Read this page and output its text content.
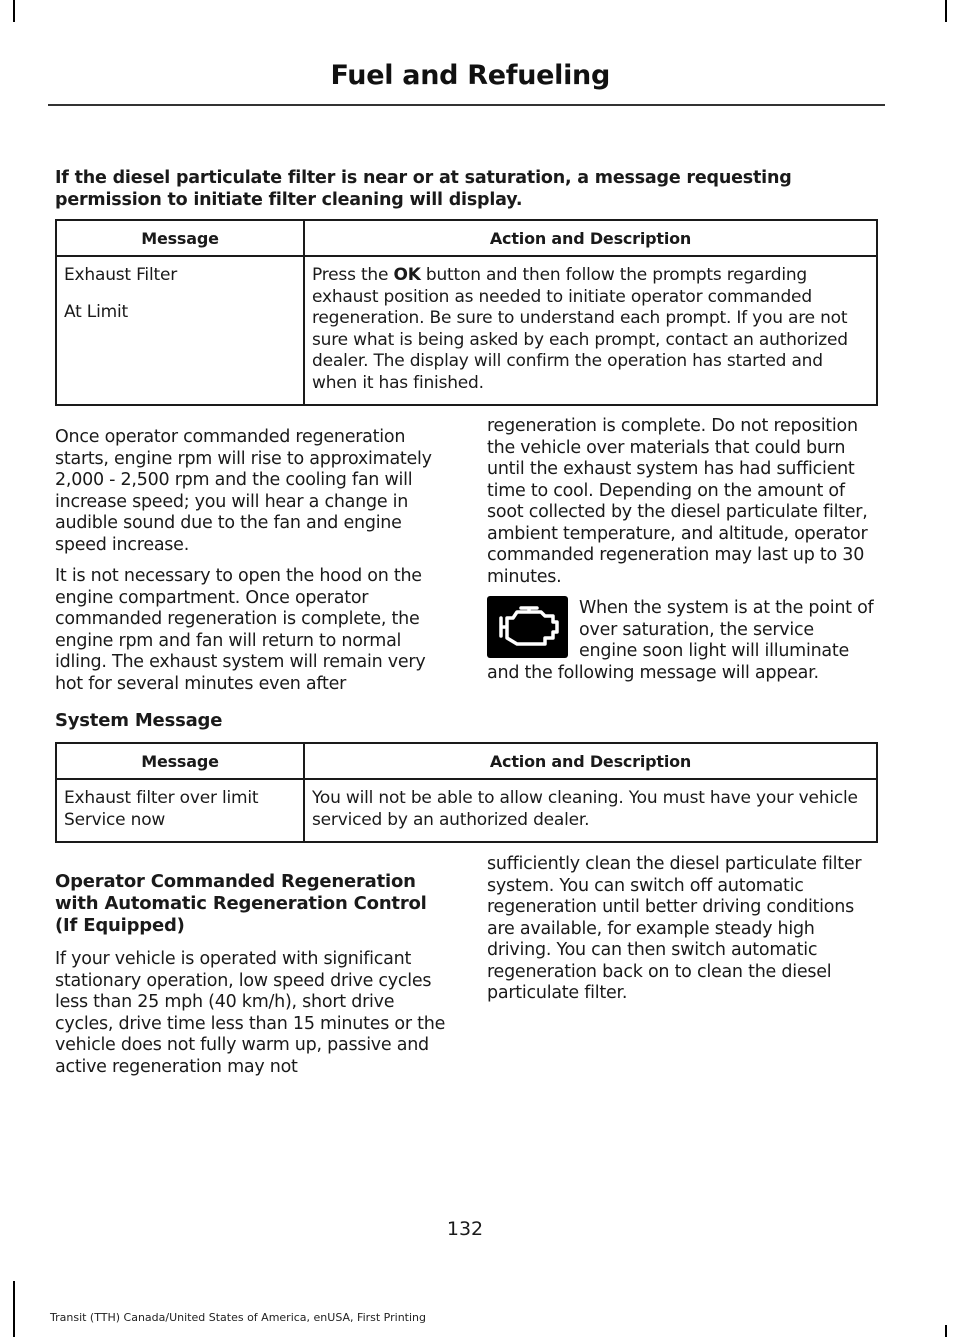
Fuel and Refueling
If the diesel particulate filter is near or at saturation, a message requesting permission to initiate filter cleaning will display.
Message	Action and Description

Exhaust Filter
At Limit	Press the OK button and then follow the prompts regarding exhaust position as needed to initiate operator commanded regeneration. Be sure to understand each prompt. If you are not sure what is being asked by each prompt, contact an authorized dealer. The display will confirm the operation has started and when it has finished.

Once operator commanded regeneration starts, engine rpm will rise to approximately 2,000 - 2,500 rpm and the cooling fan will increase speed; you will hear a change in audible sound due to the fan and engine speed increase.

It is not necessary to open the hood on the engine compartment. Once operator commanded regeneration is complete, the engine rpm and fan will return to normal idling. The exhaust system will remain very hot for several minutes even after

regeneration is complete. Do not reposition the vehicle over materials that could burn until the exhaust system has had sufficient time to cool. Depending on the amount of soot collected by the diesel particulate filter, ambient temperature, and altitude, operator commanded regeneration may last up to 30 minutes.

When the system is at the point of over saturation, the service engine soon light will illuminate
and the following message will appear.
System Message
Message	Action and Description

Exhaust filter over limit
Service now	You will not be able to allow cleaning. You must have your vehicle serviced by an authorized dealer.
Operator Commanded Regeneration
with Automatic Regeneration Control
(If Equipped)

If your vehicle is operated with significant stationary operation, low speed drive cycles less than 25 mph (40 km/h), short drive cycles, drive time less than 15 minutes or the vehicle does not fully warm up, passive and active regeneration may not

sufficiently clean the diesel particulate filter system. You can switch off automatic regeneration until better driving conditions are available, for example steady high driving. You can then switch automatic regeneration back on to clean the diesel particulate filter.

132
Transit (TTH) Canada/United States of America, enUSA, First Printing
